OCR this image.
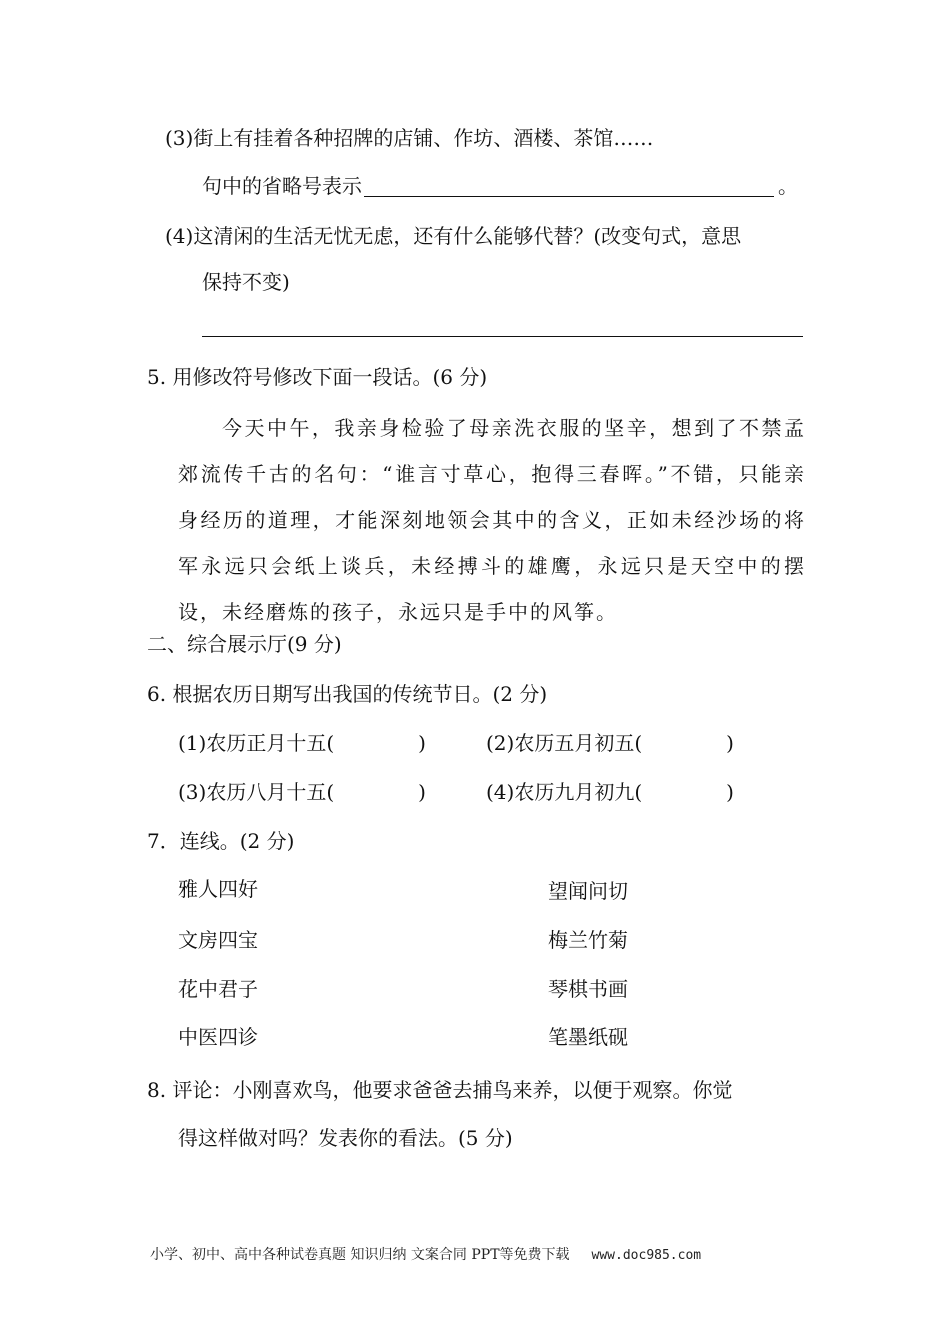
(3)街上有挂着各种招牌的店铺、作坊、酒楼、茶馆……
句中的省略号表示	。
(4)这清闲的生活无忧无虑，还有什么能够代替？(改变句式，意思
保持不变)
5. 用修改符号修改下面一段话。(6 分)
今天中午，我亲身检验了母亲洗衣服的坚辛，想到了不禁孟郊流传千古的名句：“谁言寸草心，抱得三春晖。”不错，只能亲身经历的道理，才能深刻地领会其中的含义，正如未经沙场的将军永远只会纸上谈兵，未经搏斗的雄鹰，永远只是天空中的摆设，未经磨炼的孩子，永远只是手中的风筝。
二、综合展示厅(9 分)
6. 根据农历日期写出我国的传统节日。(2 分)
(1)农历正月十五(	)	(2)农历五月初五(	)
(3)农历八月十五(	)	(4)农历九月初九(	)
7．连线。(2 分)
雅人四好
文房四宝
花中君子
中医四诊
望闻问切
梅兰竹菊
琴棋书画
笔墨纸砚
8. 评论：小刚喜欢鸟，他要求爸爸去捕鸟来养，以便于观察。你觉
得这样做对吗？发表你的看法。(5 分)
小学、初中、高中各种试卷真题 知识归纳 文案合同 PPT等免费下载 www.doc985.com
